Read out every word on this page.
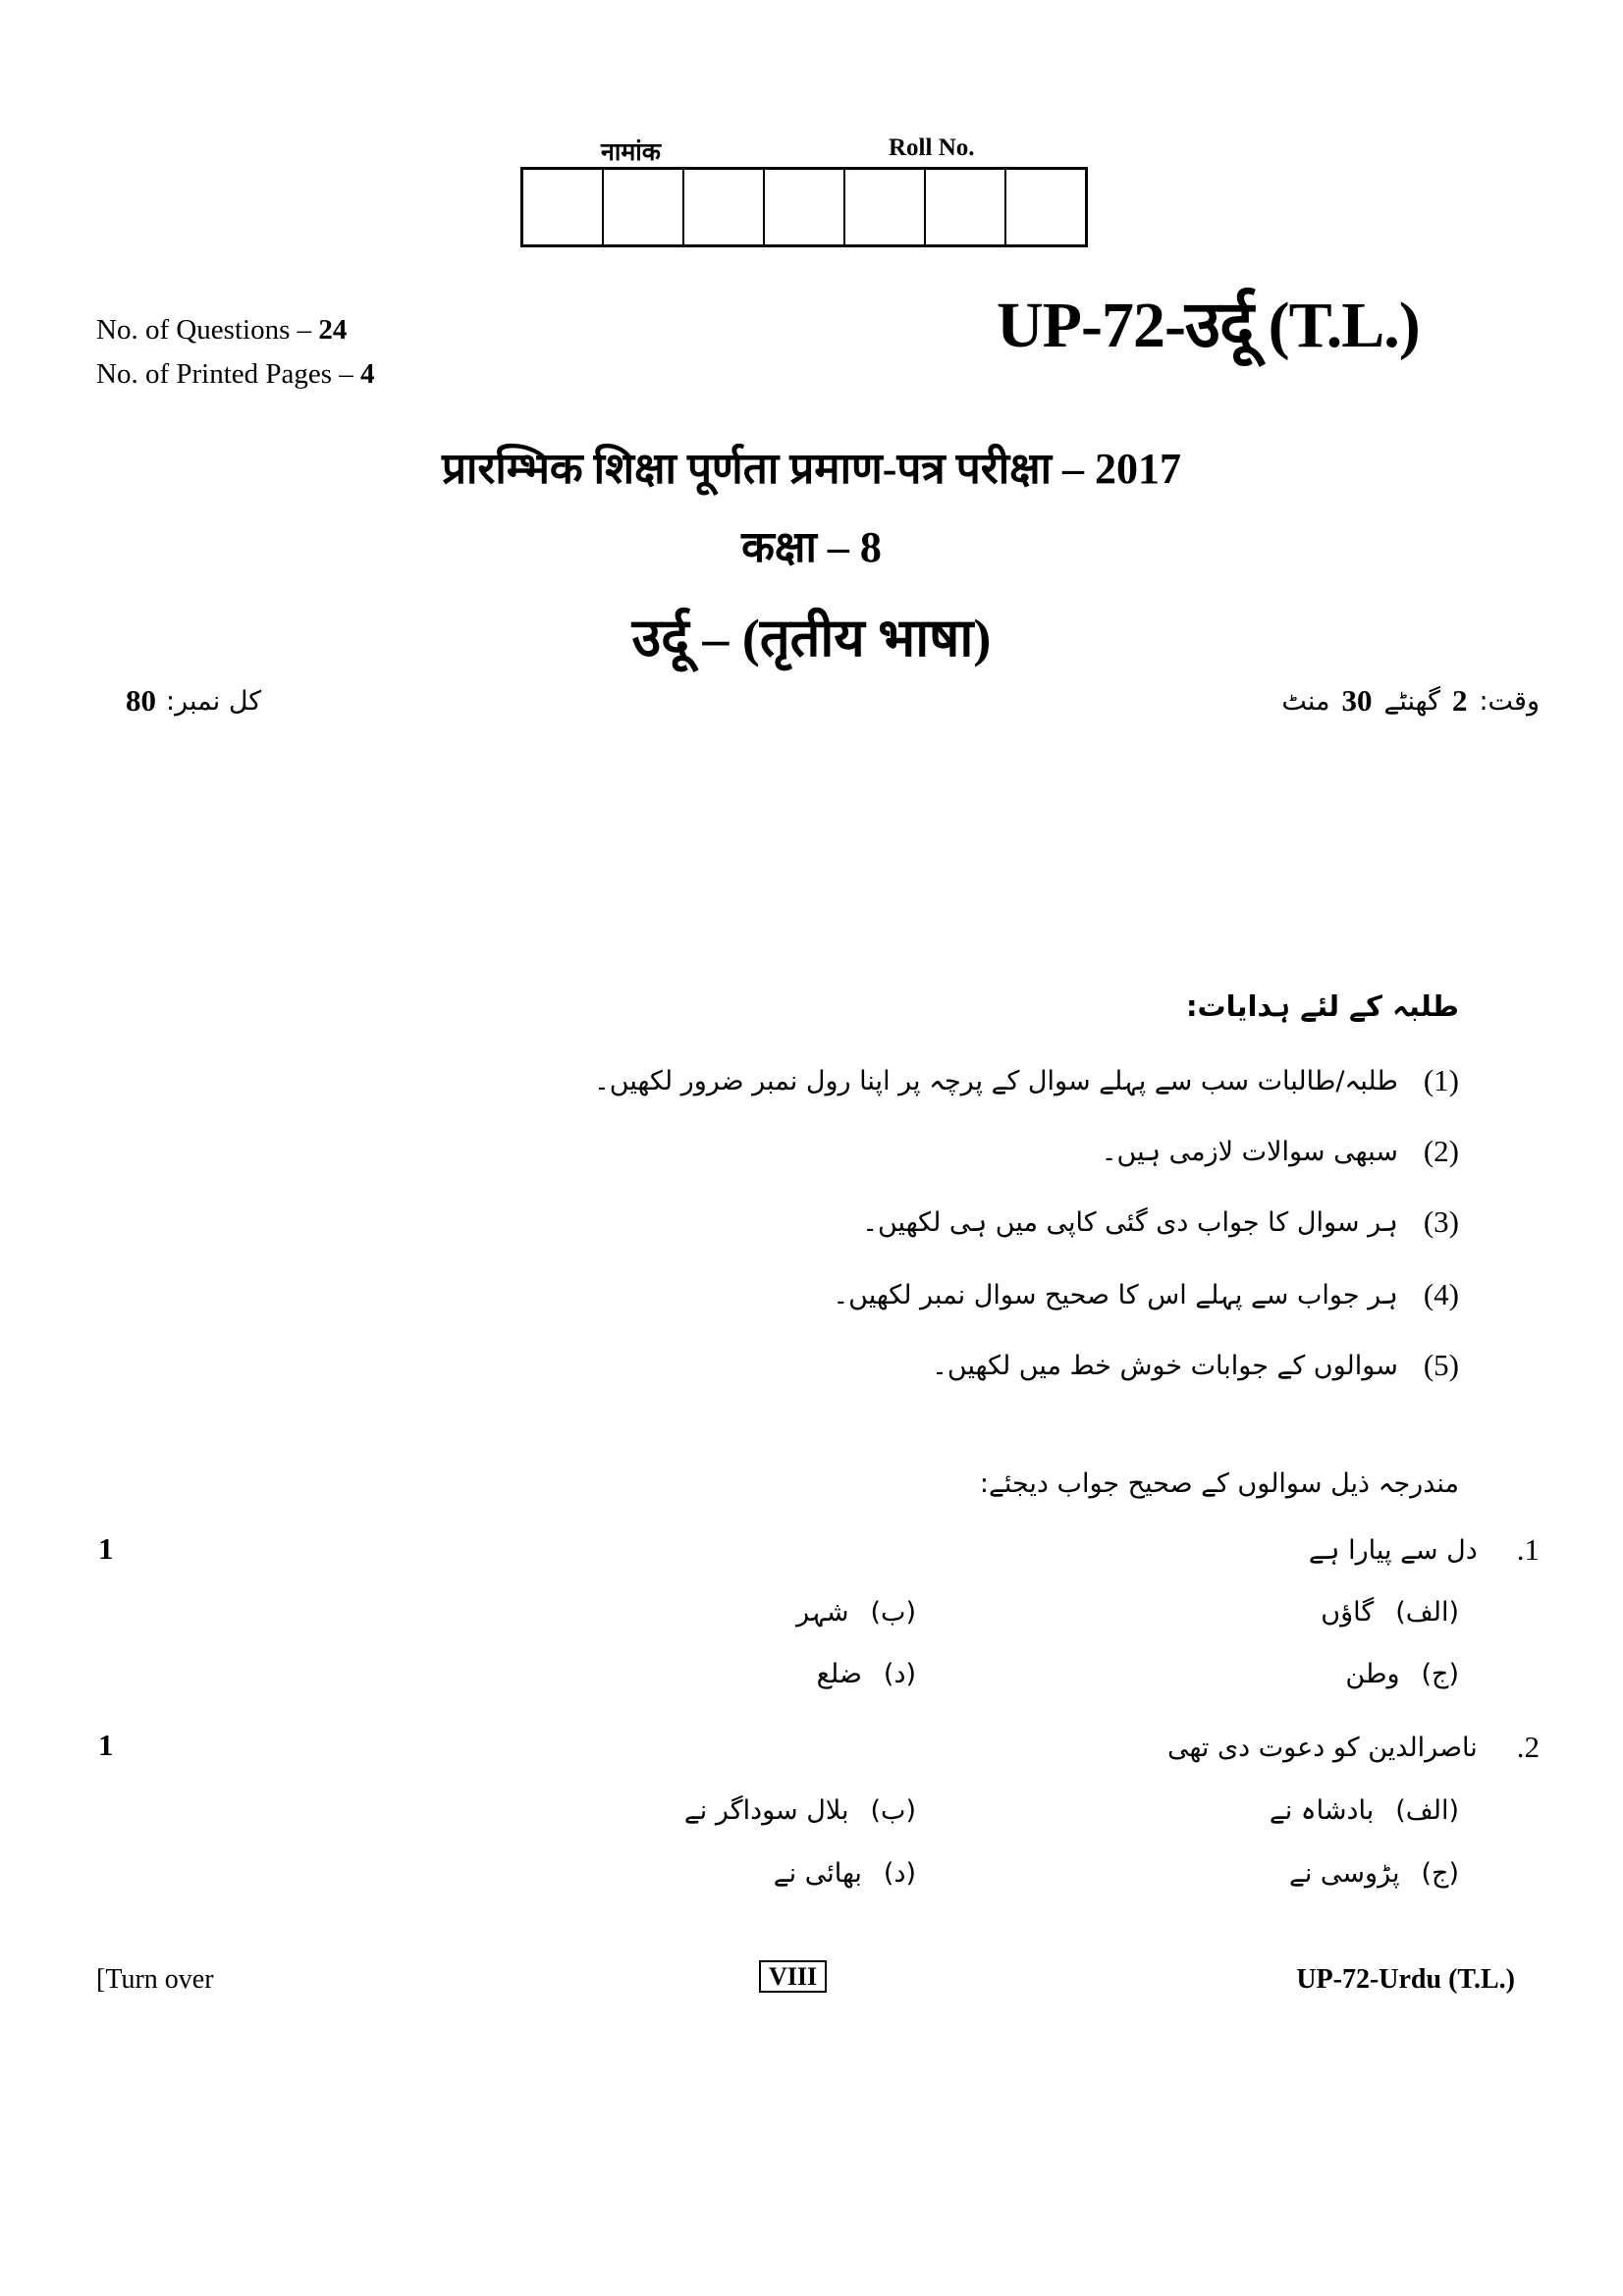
नामांक	Roll No.
UP-72-उर्दू (T.L.)
No. of Questions – 24
No. of Printed Pages – 4
प्रारम्भिक शिक्षा पूर्णता प्रमाण-पत्र परीक्षा – 2017
कक्षा – 8
उर्दू – (तृतीय भाषा)
کل نمبر:
80	وقت:
2
گھنٹے
30
منٹ
طلبہ کے لئے ہدایات:
(1)
طلبہ/طالبات سب سے پہلے سوال کے پرچہ پر اپنا رول نمبر ضرور لکھیں۔
(2)
سبھی سوالات لازمی ہیں۔
(3)
ہر سوال کا جواب دی گئی کاپی میں ہی لکھیں۔
(4)
ہر جواب سے پہلے اس کا صحیح سوال نمبر لکھیں۔
(5)
سوالوں کے جوابات خوش خط میں لکھیں۔
مندرجہ ذیل سوالوں کے صحیح جواب دیجئے:
1.
دل سے پیارا ہے
1
(الف)
گاؤں
(ب)
شہر
(ج)
وطن
(د)
ضلع
2.
ناصرالدین کو دعوت دی تھی
1
(الف)
بادشاہ نے
(ب)
بلال سوداگر نے
(ج)
پڑوسی نے
(د)
بھائی نے
[Turn over	VIII	UP-72-Urdu (T.L.)
